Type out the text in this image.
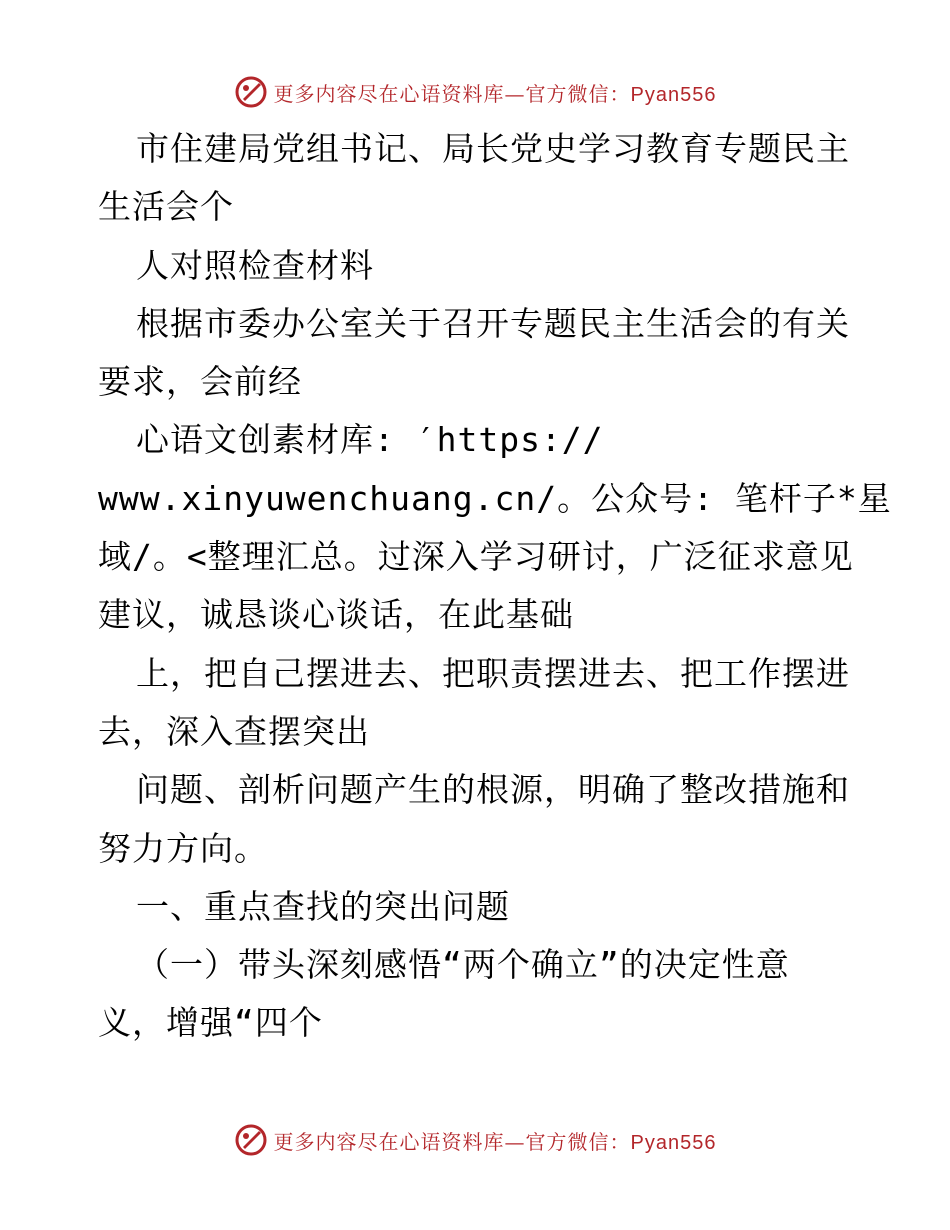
更多内容尽在心语资料库—官方微信：Pyan556
市住建局党组书记、局长党史学习教育专题民主
生活会个
人对照检查材料
根据市委办公室关于召开专题民主生活会的有关
要求，会前经
心语文创素材库: ′https://
www.xinyuwenchuang.cn/。公众号: 笔杆子*星
域/。<整理汇总。过深入学习研讨，广泛征求意见
建议，诚恳谈心谈话，在此基础
上，把自己摆进去、把职责摆进去、把工作摆进
去，深入查摆突出
问题、剖析问题产生的根源，明确了整改措施和
努力方向。
一、重点查找的突出问题
（一）带头深刻感悟“两个确立”的决定性意
义，增强“四个
更多内容尽在心语资料库—官方微信：Pyan556
